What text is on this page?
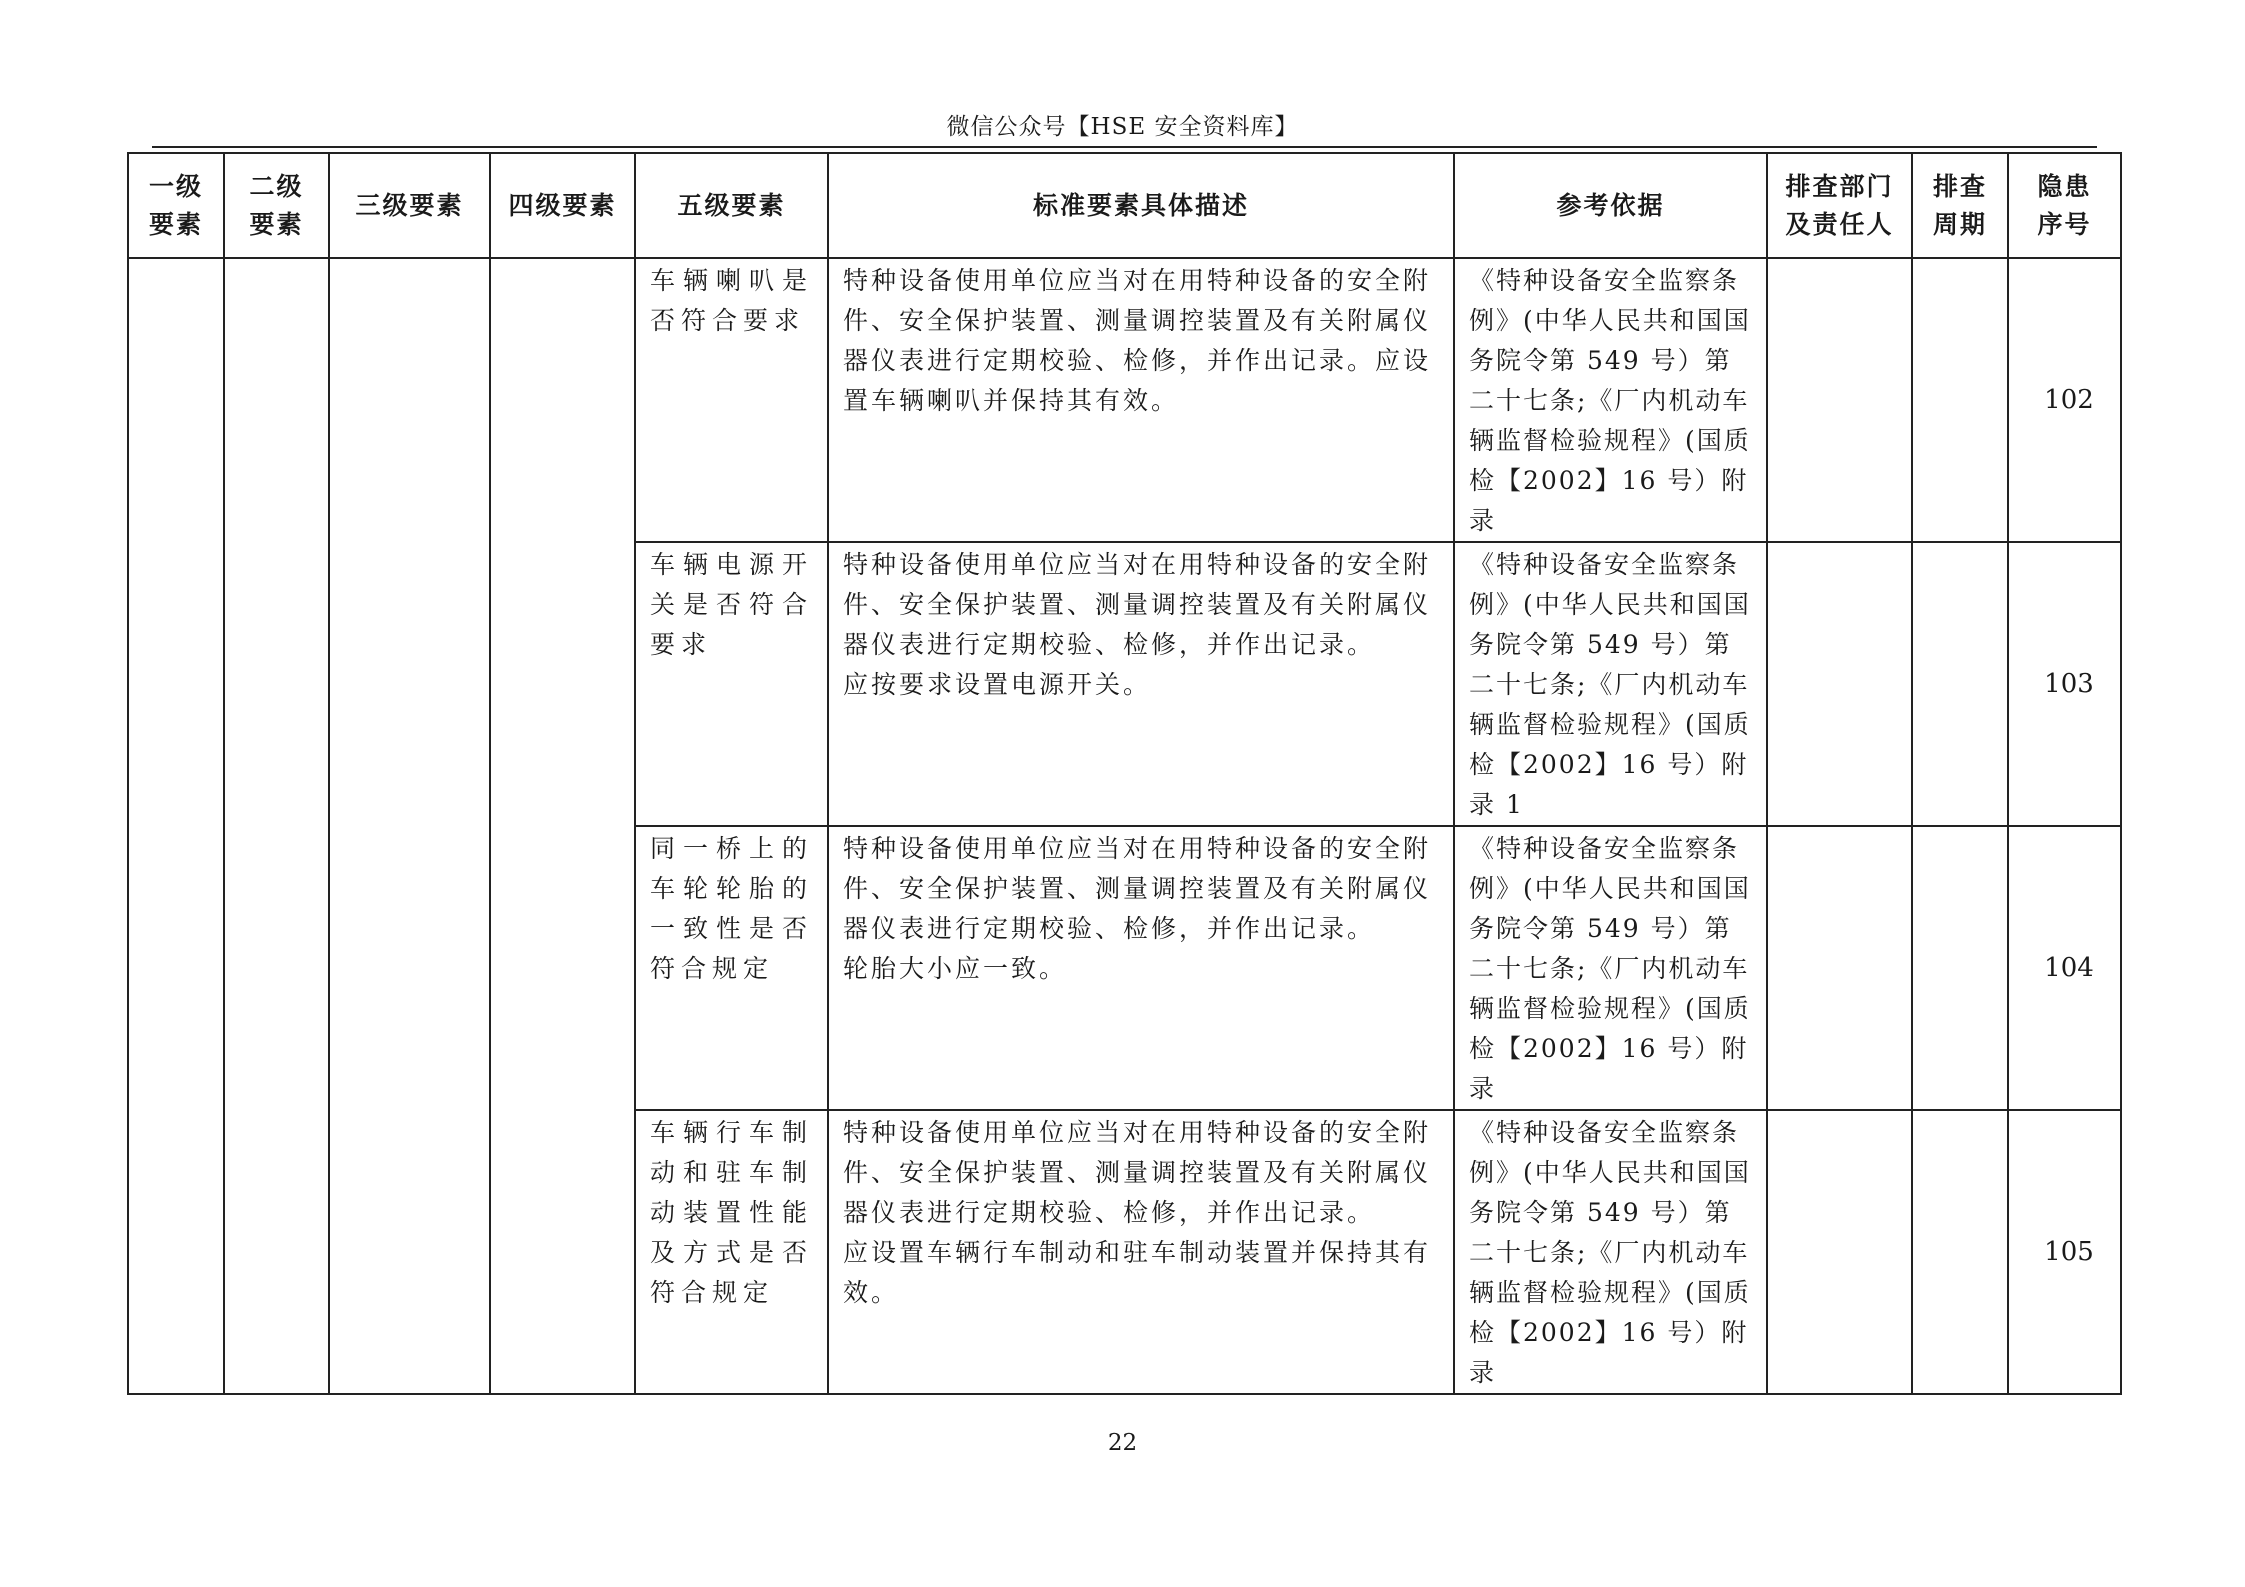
微信公众号【HSE 安全资料库】
一级
要素	二级
要素	三级要素	四级要素	五级要素	标准要素具体描述	参考依据	排查部门
及责任人	排查
周期	隐患
序号
				车辆喇叭是否符合要求	特种设备使用单位应当对在用特种设备的安全附件、安全保护装置、测量调控装置及有关附属仪器仪表进行定期校验、检修，并作出记录。应设置车辆喇叭并保持其有效。	《特种设备安全监察条例》(中华人民共和国国务院令第 549 号）第二十七条;《厂内机动车辆监督检验规程》(国质检【2002】16 号）附录			102
				车辆电源开关是否符合要求	特种设备使用单位应当对在用特种设备的安全附件、安全保护装置、测量调控装置及有关附属仪器仪表进行定期校验、检修，并作出记录。
应按要求设置电源开关。	《特种设备安全监察条例》(中华人民共和国国务院令第 549 号）第二十七条;《厂内机动车辆监督检验规程》(国质检【2002】16 号）附录 1			103
				同一桥上的车轮轮胎的一致性是否符合规定	特种设备使用单位应当对在用特种设备的安全附件、安全保护装置、测量调控装置及有关附属仪器仪表进行定期校验、检修，并作出记录。
轮胎大小应一致。	《特种设备安全监察条例》(中华人民共和国国务院令第 549 号）第二十七条;《厂内机动车辆监督检验规程》(国质检【2002】16 号）附录			104
				车辆行车制动和驻车制动装置性能及方式是否符合规定	特种设备使用单位应当对在用特种设备的安全附件、安全保护装置、测量调控装置及有关附属仪器仪表进行定期校验、检修，并作出记录。
应设置车辆行车制动和驻车制动装置并保持其有效。	《特种设备安全监察条例》(中华人民共和国国务院令第 549 号）第二十七条;《厂内机动车辆监督检验规程》(国质检【2002】16 号）附录			105
22
